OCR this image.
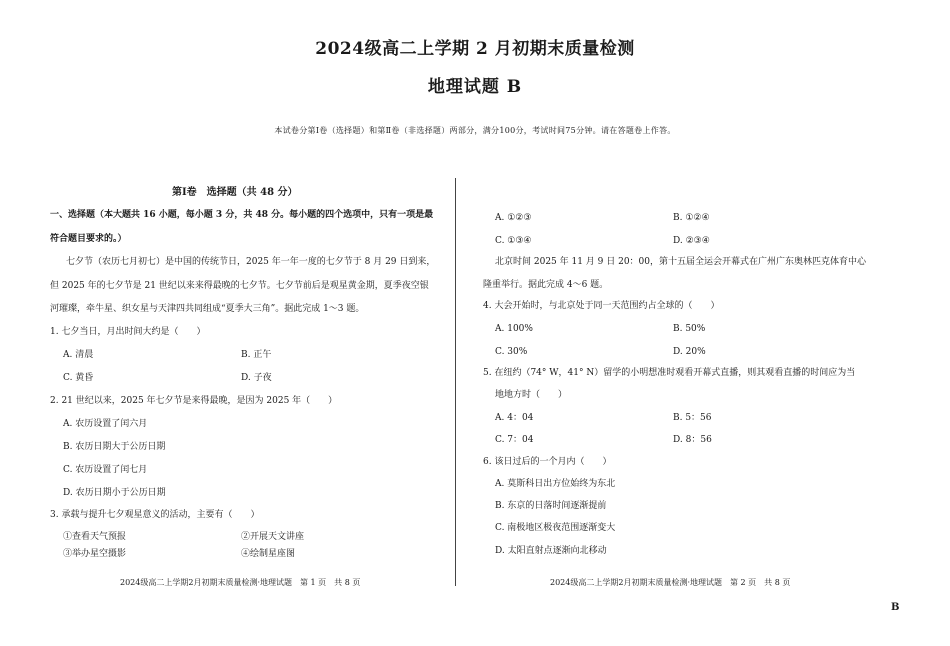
2024级高二上学期 2 月初期末质量检测
地理试题 B
本试卷分第Ⅰ卷（选择题）和第Ⅱ卷（非选择题）两部分，满分100分，考试时间75分钟。请在答题卷上作答。
第Ⅰ卷　选择题（共 48 分）
一、选择题（本大题共 16 小题，每小题 3 分，共 48 分。每小题的四个选项中，只有一项是最
符合题目要求的。）
七夕节（农历七月初七）是中国的传统节日，2025 年一年一度的七夕节于 8 月 29 日到来，
但 2025 年的七夕节是 21 世纪以来来得最晚的七夕节。七夕节前后是观星黄金期，夏季夜空银
河璀璨，牵牛星、织女星与天津四共同组成“夏季大三角”。据此完成 1～3 题。
1. 七夕当日，月出时间大约是（　　）
A. 清晨	B. 正午
C. 黄昏	D. 子夜
2. 21 世纪以来，2025 年七夕节是来得最晚，是因为 2025 年（　　）
A. 农历设置了闰六月
B. 农历日期大于公历日期
C. 农历设置了闰七月
D. 农历日期小于公历日期
3. 承载与提升七夕观星意义的活动，主要有（　　）
①查看天气预报	②开展天文讲座
③举办星空摄影	④绘制星座图
2024级高二上学期2月初期末质量检测·地理试题　第 1 页　共 8 页
A. ①②③	B. ①②④
C. ①③④	D. ②③④
北京时间 2025 年 11 月 9 日 20：00，第十五届全运会开幕式在广州广东奥林匹克体育中心
隆重举行。据此完成 4～6 题。
4. 大会开始时，与北京处于同一天范围约占全球的（　　）
A. 100%	B. 50%
C. 30%	D. 20%
5. 在纽约（74° W，41° N）留学的小明想准时观看开幕式直播，则其观看直播的时间应为当
地地方时（　　）
A. 4：04	B. 5：56
C. 7：04	D. 8：56
6. 该日过后的一个月内（　　）
A. 莫斯科日出方位始终为东北
B. 东京的日落时间逐渐提前
C. 南极地区极夜范围逐渐变大
D. 太阳直射点逐渐向北移动
2024级高二上学期2月初期末质量检测·地理试题　第 2 页　共 8 页
B
